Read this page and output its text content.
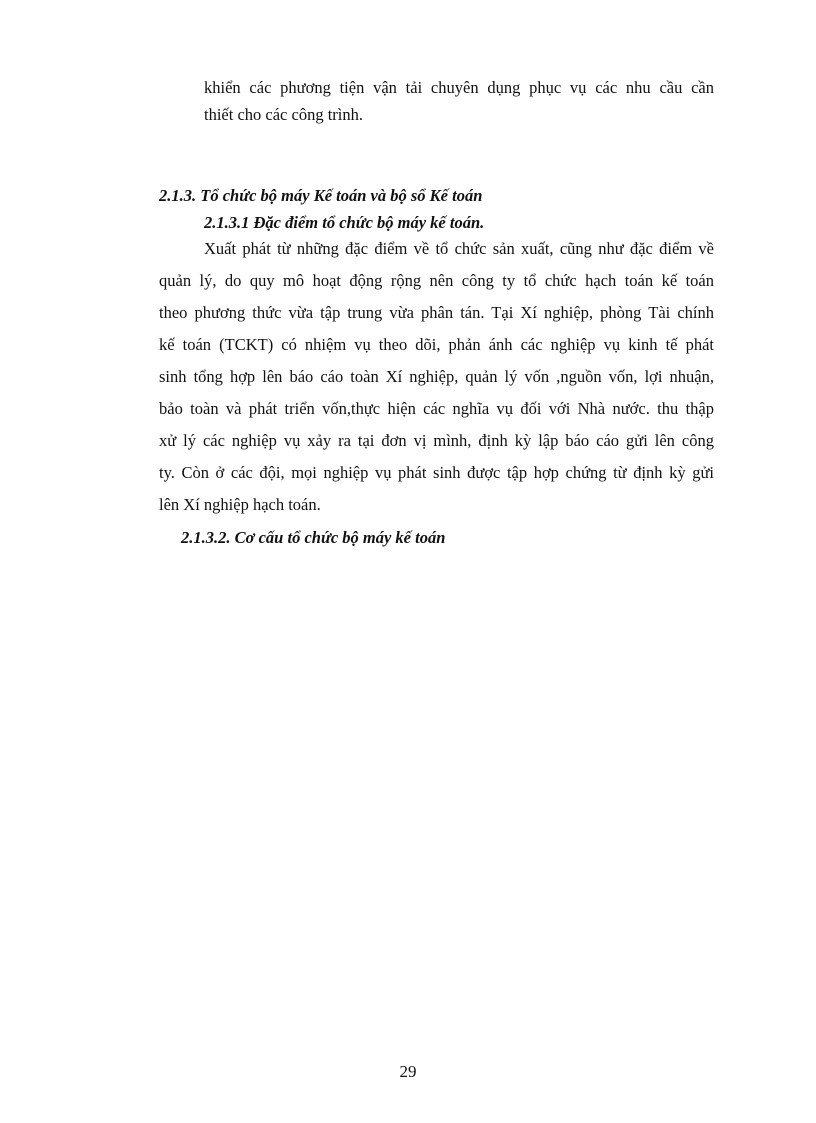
khiển các phương tiện vận tải chuyên dụng phục vụ các nhu cầu cần
thiết cho các công trình.
2.1.3. Tổ chức bộ máy Kế toán và bộ sổ Kế toán
2.1.3.1 Đặc điểm tổ chức bộ máy kế toán.
Xuất phát từ những đặc điểm về tổ chức sản xuất, cũng như đặc điểm về
quản lý, do quy mô hoạt động rộng nên công ty tổ chức hạch toán kế toán
theo phương thức vừa tập trung vừa phân tán. Tại Xí nghiệp, phòng Tài chính
kế toán (TCKT) có nhiệm vụ theo dõi, phản ánh các nghiệp vụ kinh tế phát
sinh tổng hợp lên báo cáo toàn Xí nghiệp, quản lý vốn ,nguồn vốn, lợi nhuận,
bảo toàn và phát triển vốn,thực hiện các nghĩa vụ đối với Nhà nước. thu thập
xử lý các nghiệp vụ xảy ra tại đơn vị mình, định kỳ lập báo cáo gửi lên công
ty. Còn ở các đội, mọi nghiệp vụ phát sinh được tập hợp chứng từ định kỳ gửi
lên Xí nghiệp hạch toán.
2.1.3.2. Cơ cấu tổ chức bộ máy kế toán
29
